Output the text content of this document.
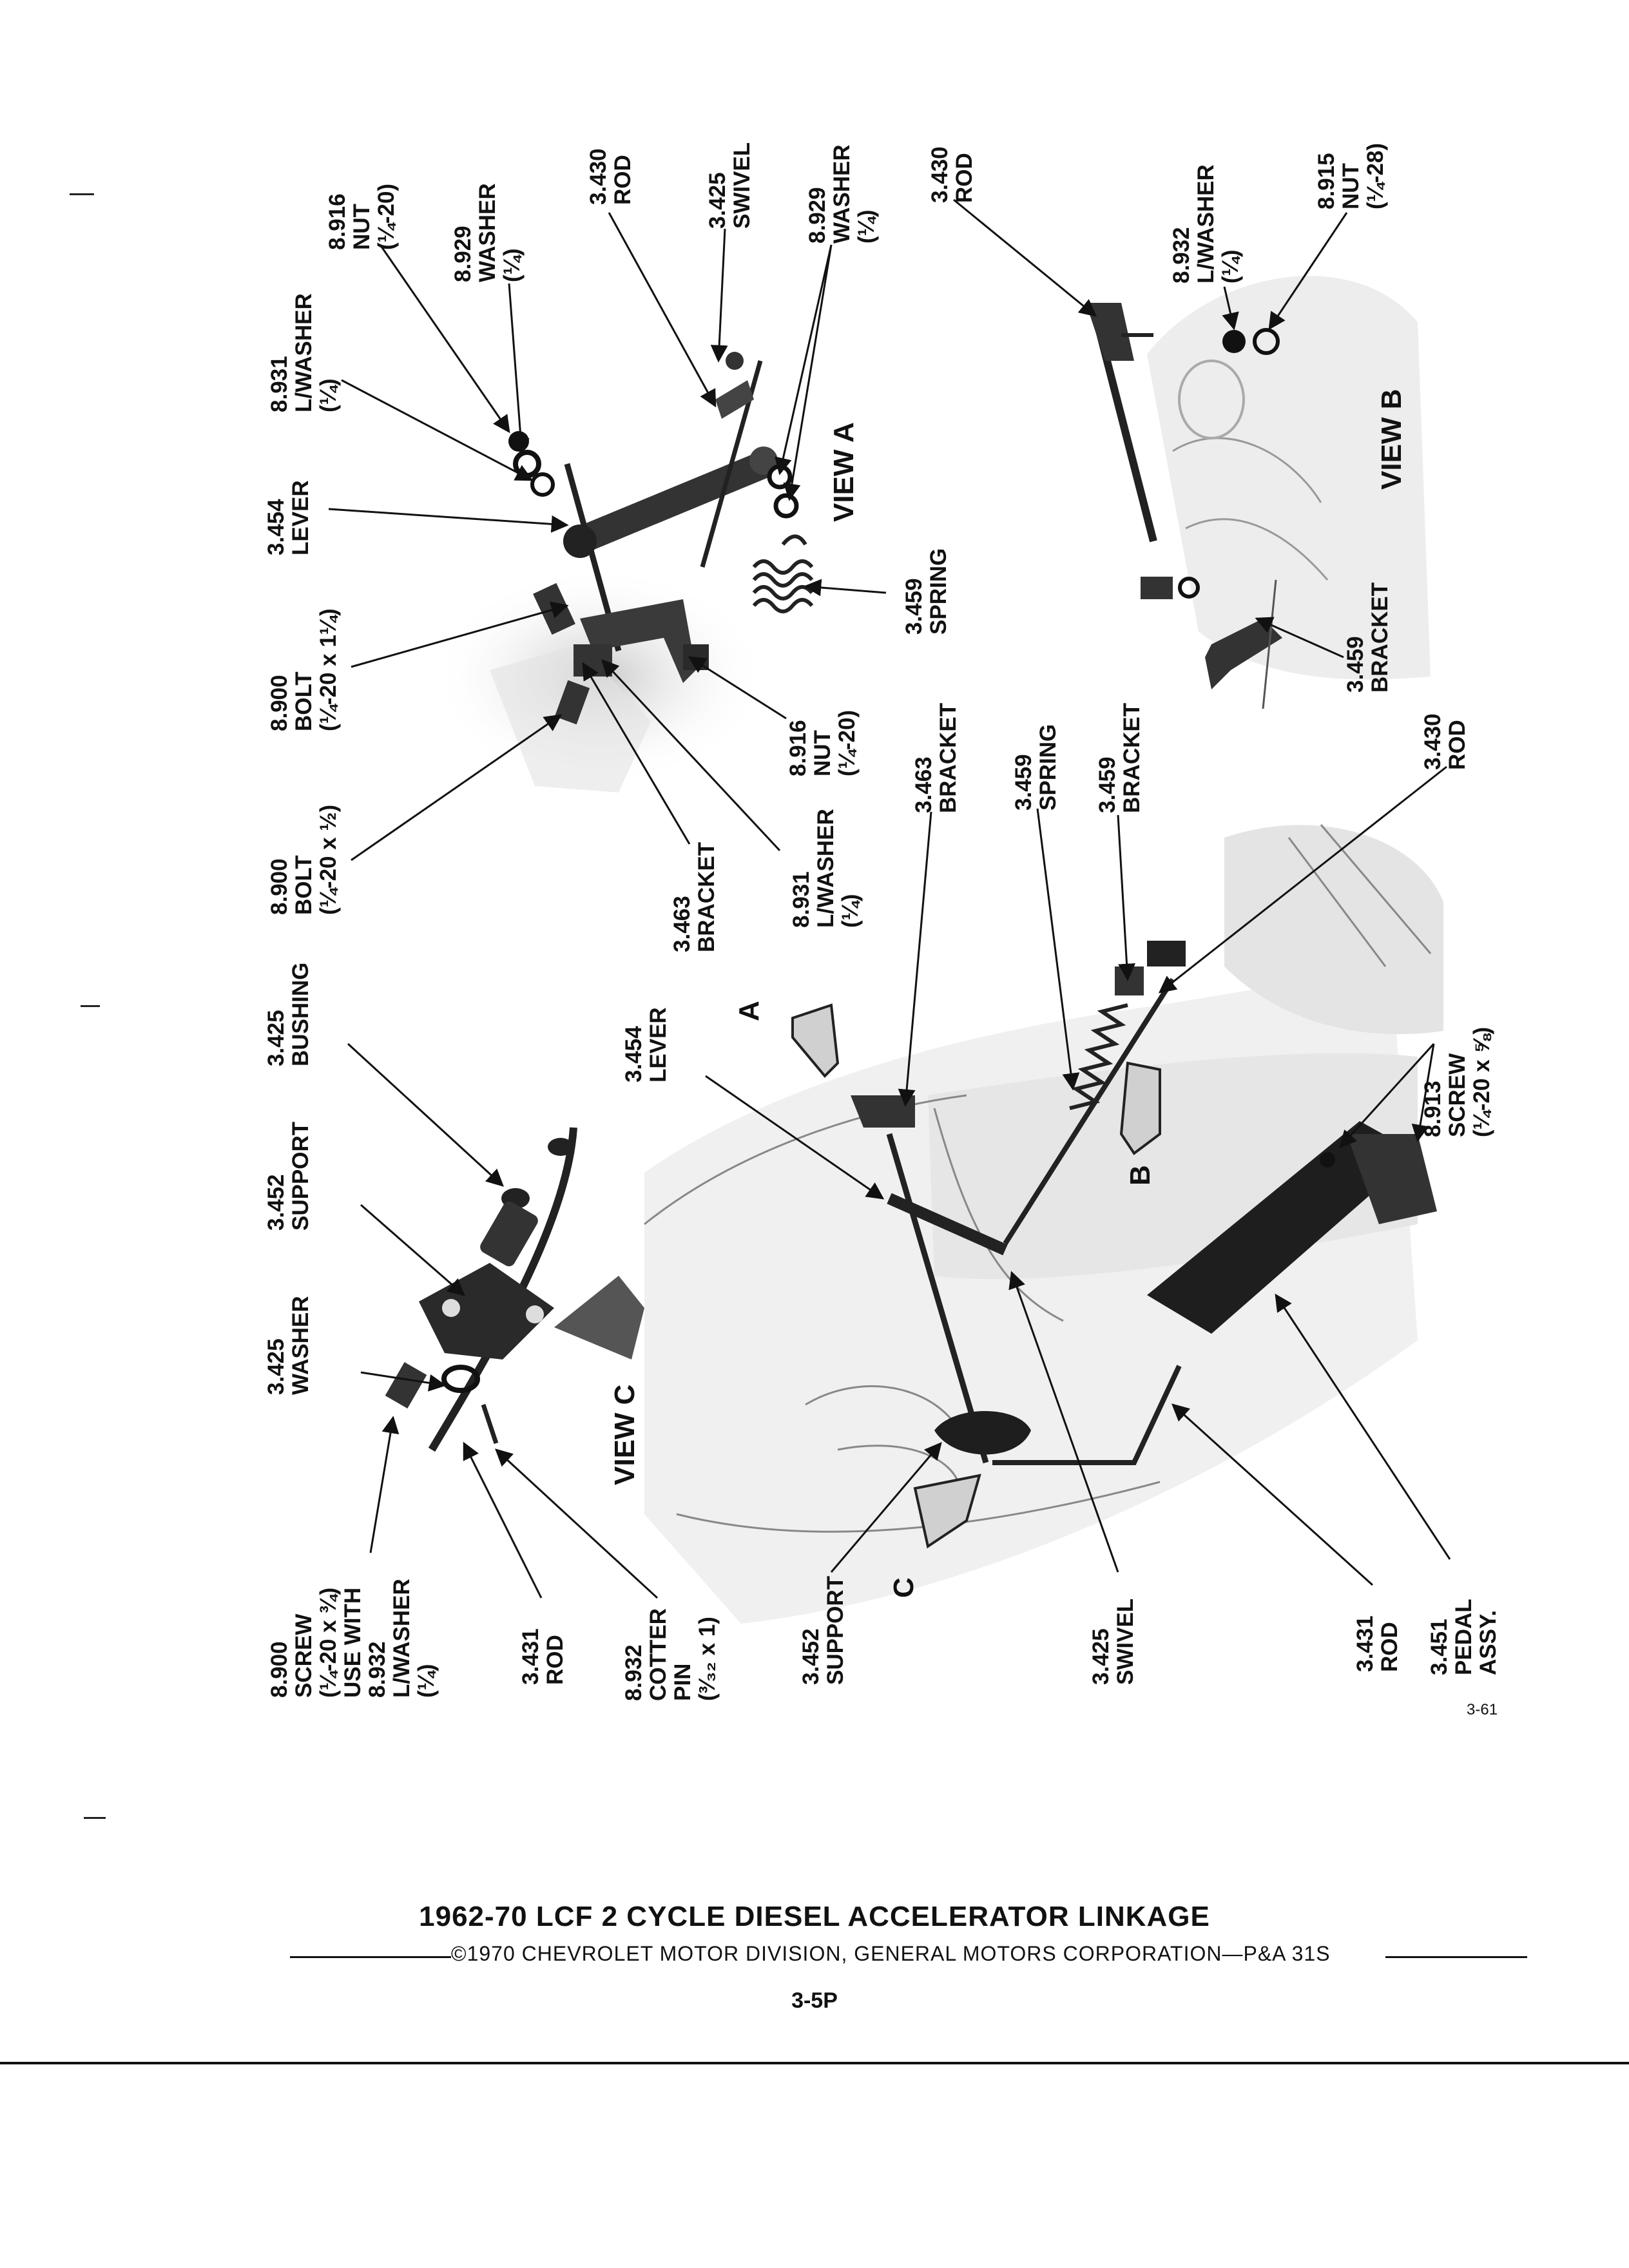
8.916 NUT (¼-20)
8.929 WASHER (¼)
3.430 ROD	3.425 SWIVEL 8.929 WASHER (¼)
8.931 L/WASHER (¼)
3.454 LEVER
8.900 BOLT (¼-20 x 1¼)
8.900 BOLT (¼-20 x ½)
3.463 BRACKET	8.931 L/WASHER (¼)
8.916 NUT (¼-20)
3.459 SPRING
VIEW A
3.430 ROD
8.932 L/WASHER (¼)
8.915 NUT (¼-28)
3.459 BRACKET
VIEW B
3.425 WASHER
3.452 SUPPORT
3.425 BUSHING
8.900 SCREW (¼-20 x ¾) USE WITH 8.932 L/WASHER (¼)	3.431 ROD 8.932 COTTER PIN (³⁄₃₂ x 1)
VIEW C
3.454 LEVER
3.463 BRACKET 3.459 SPRING 3.459 BRACKET	3.430 ROD
3.452 SUPPORT	3.425 SWIVEL	3.431 ROD 3.451 PEDAL ASSY.
8.913 SCREW (¼-20 x ⅝)
A
B
C
3-61
1962-70 LCF 2 CYCLE DIESEL ACCELERATOR LINKAGE
©1970 CHEVROLET MOTOR DIVISION, GENERAL MOTORS CORPORATION—P&A 31S
3-5P
